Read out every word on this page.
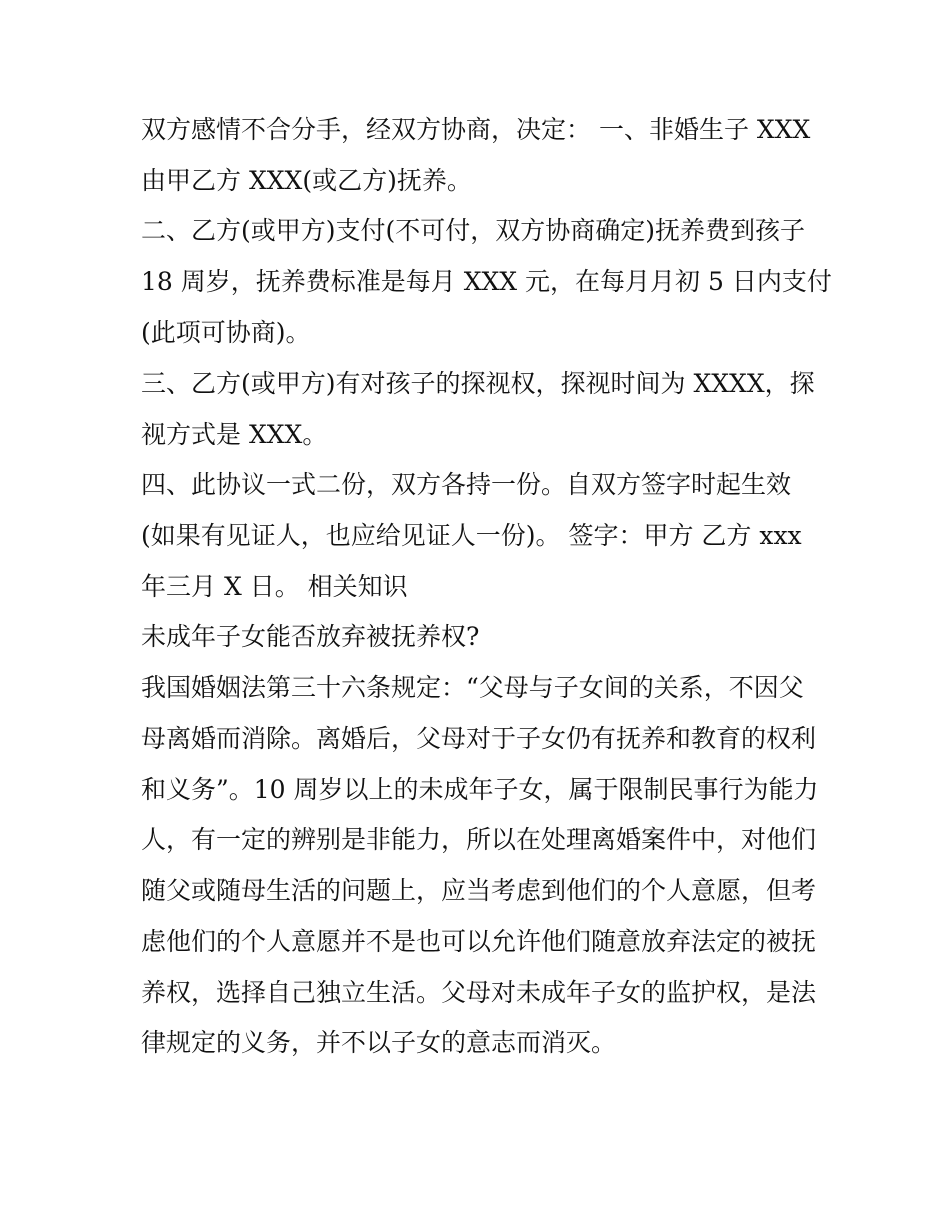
双方感情不合分手，经双方协商，决定： 一、非婚生子 XXX

由甲乙方 XXX(或乙方)抚养。

二、乙方(或甲方)支付(不可付，双方协商确定)抚养费到孩子

18 周岁，抚养费标准是每月 XXX 元，在每月月初 5 日内支付

(此项可协商)。

三、乙方(或甲方)有对孩子的探视权，探视时间为 XXXX，探

视方式是 XXX。

四、此协议一式二份，双方各持一份。自双方签字时起生效

(如果有见证人，也应给见证人一份)。 签字：甲方 乙方 xxx

年三月 X 日。 相关知识

未成年子女能否放弃被抚养权?

我国婚姻法第三十六条规定：“父母与子女间的关系，不因父

母离婚而消除。离婚后，父母对于子女仍有抚养和教育的权利

和义务”。10 周岁以上的未成年子女，属于限制民事行为能力

人，有一定的辨别是非能力，所以在处理离婚案件中，对他们

随父或随母生活的问题上，应当考虑到他们的个人意愿，但考

虑他们的个人意愿并不是也可以允许他们随意放弃法定的被抚

养权，选择自己独立生活。父母对未成年子女的监护权，是法

律规定的义务，并不以子女的意志而消灭。
